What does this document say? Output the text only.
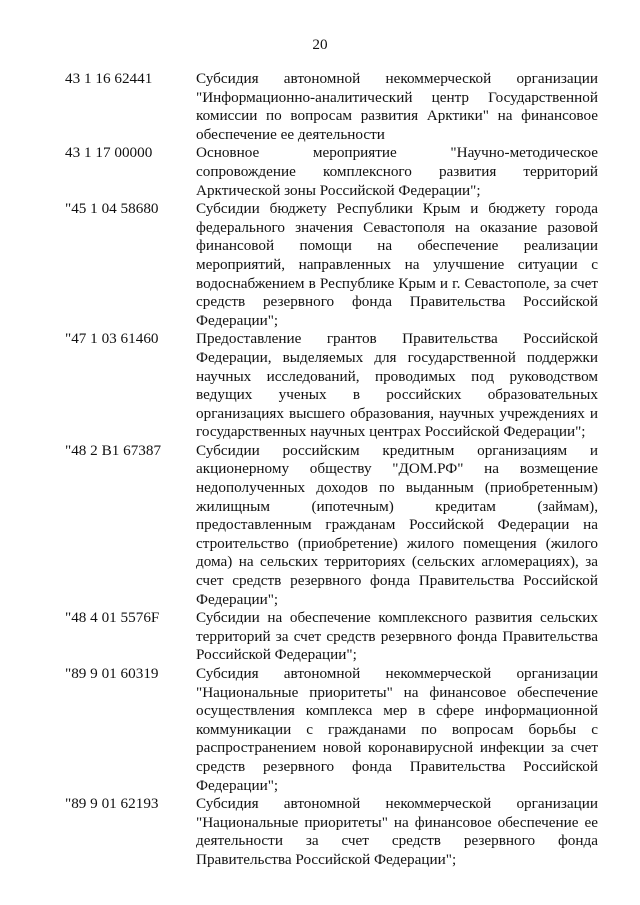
20
43 1 16 62441	Субсидия автономной некоммерческой организации "Информационно-аналитический центр Государственной комиссии по вопросам развития Арктики" на финансовое обеспечение ее деятельности
43 1 17 00000	Основное мероприятие "Научно-методическое сопровождение комплексного развития территорий Арктической зоны Российской Федерации";
"45 1 04 58680	Субсидии бюджету Республики Крым и бюджету города федерального значения Севастополя на оказание разовой финансовой помощи на обеспечение реализации мероприятий, направленных на улучшение ситуации с водоснабжением в Республике Крым и г. Севастополе, за счет средств резервного фонда Правительства Российской Федерации";
"47 1 03 61460	Предоставление грантов Правительства Российской Федерации, выделяемых для государственной поддержки научных исследований, проводимых под руководством ведущих ученых в российских образовательных организациях высшего образования, научных учреждениях и государственных научных центрах Российской Федерации";
"48 2 B1 67387	Субсидии российским кредитным организациям и акционерному обществу "ДОМ.РФ" на возмещение недополученных доходов по выданным (приобретенным) жилищным (ипотечным) кредитам (займам), предоставленным гражданам Российской Федерации на строительство (приобретение) жилого помещения (жилого дома) на сельских территориях (сельских агломерациях), за счет средств резервного фонда Правительства Российской Федерации";
"48 4 01 5576F	Субсидии на обеспечение комплексного развития сельских территорий за счет средств резервного фонда Правительства Российской Федерации";
"89 9 01 60319	Субсидия автономной некоммерческой организации "Национальные приоритеты" на финансовое обеспечение осуществления комплекса мер в сфере информационной коммуникации с гражданами по вопросам борьбы с распространением новой коронавирусной инфекции за счет средств резервного фонда Правительства Российской Федерации";
"89 9 01 62193	Субсидия автономной некоммерческой организации "Национальные приоритеты" на финансовое обеспечение ее деятельности за счет средств резервного фонда Правительства Российской Федерации";
